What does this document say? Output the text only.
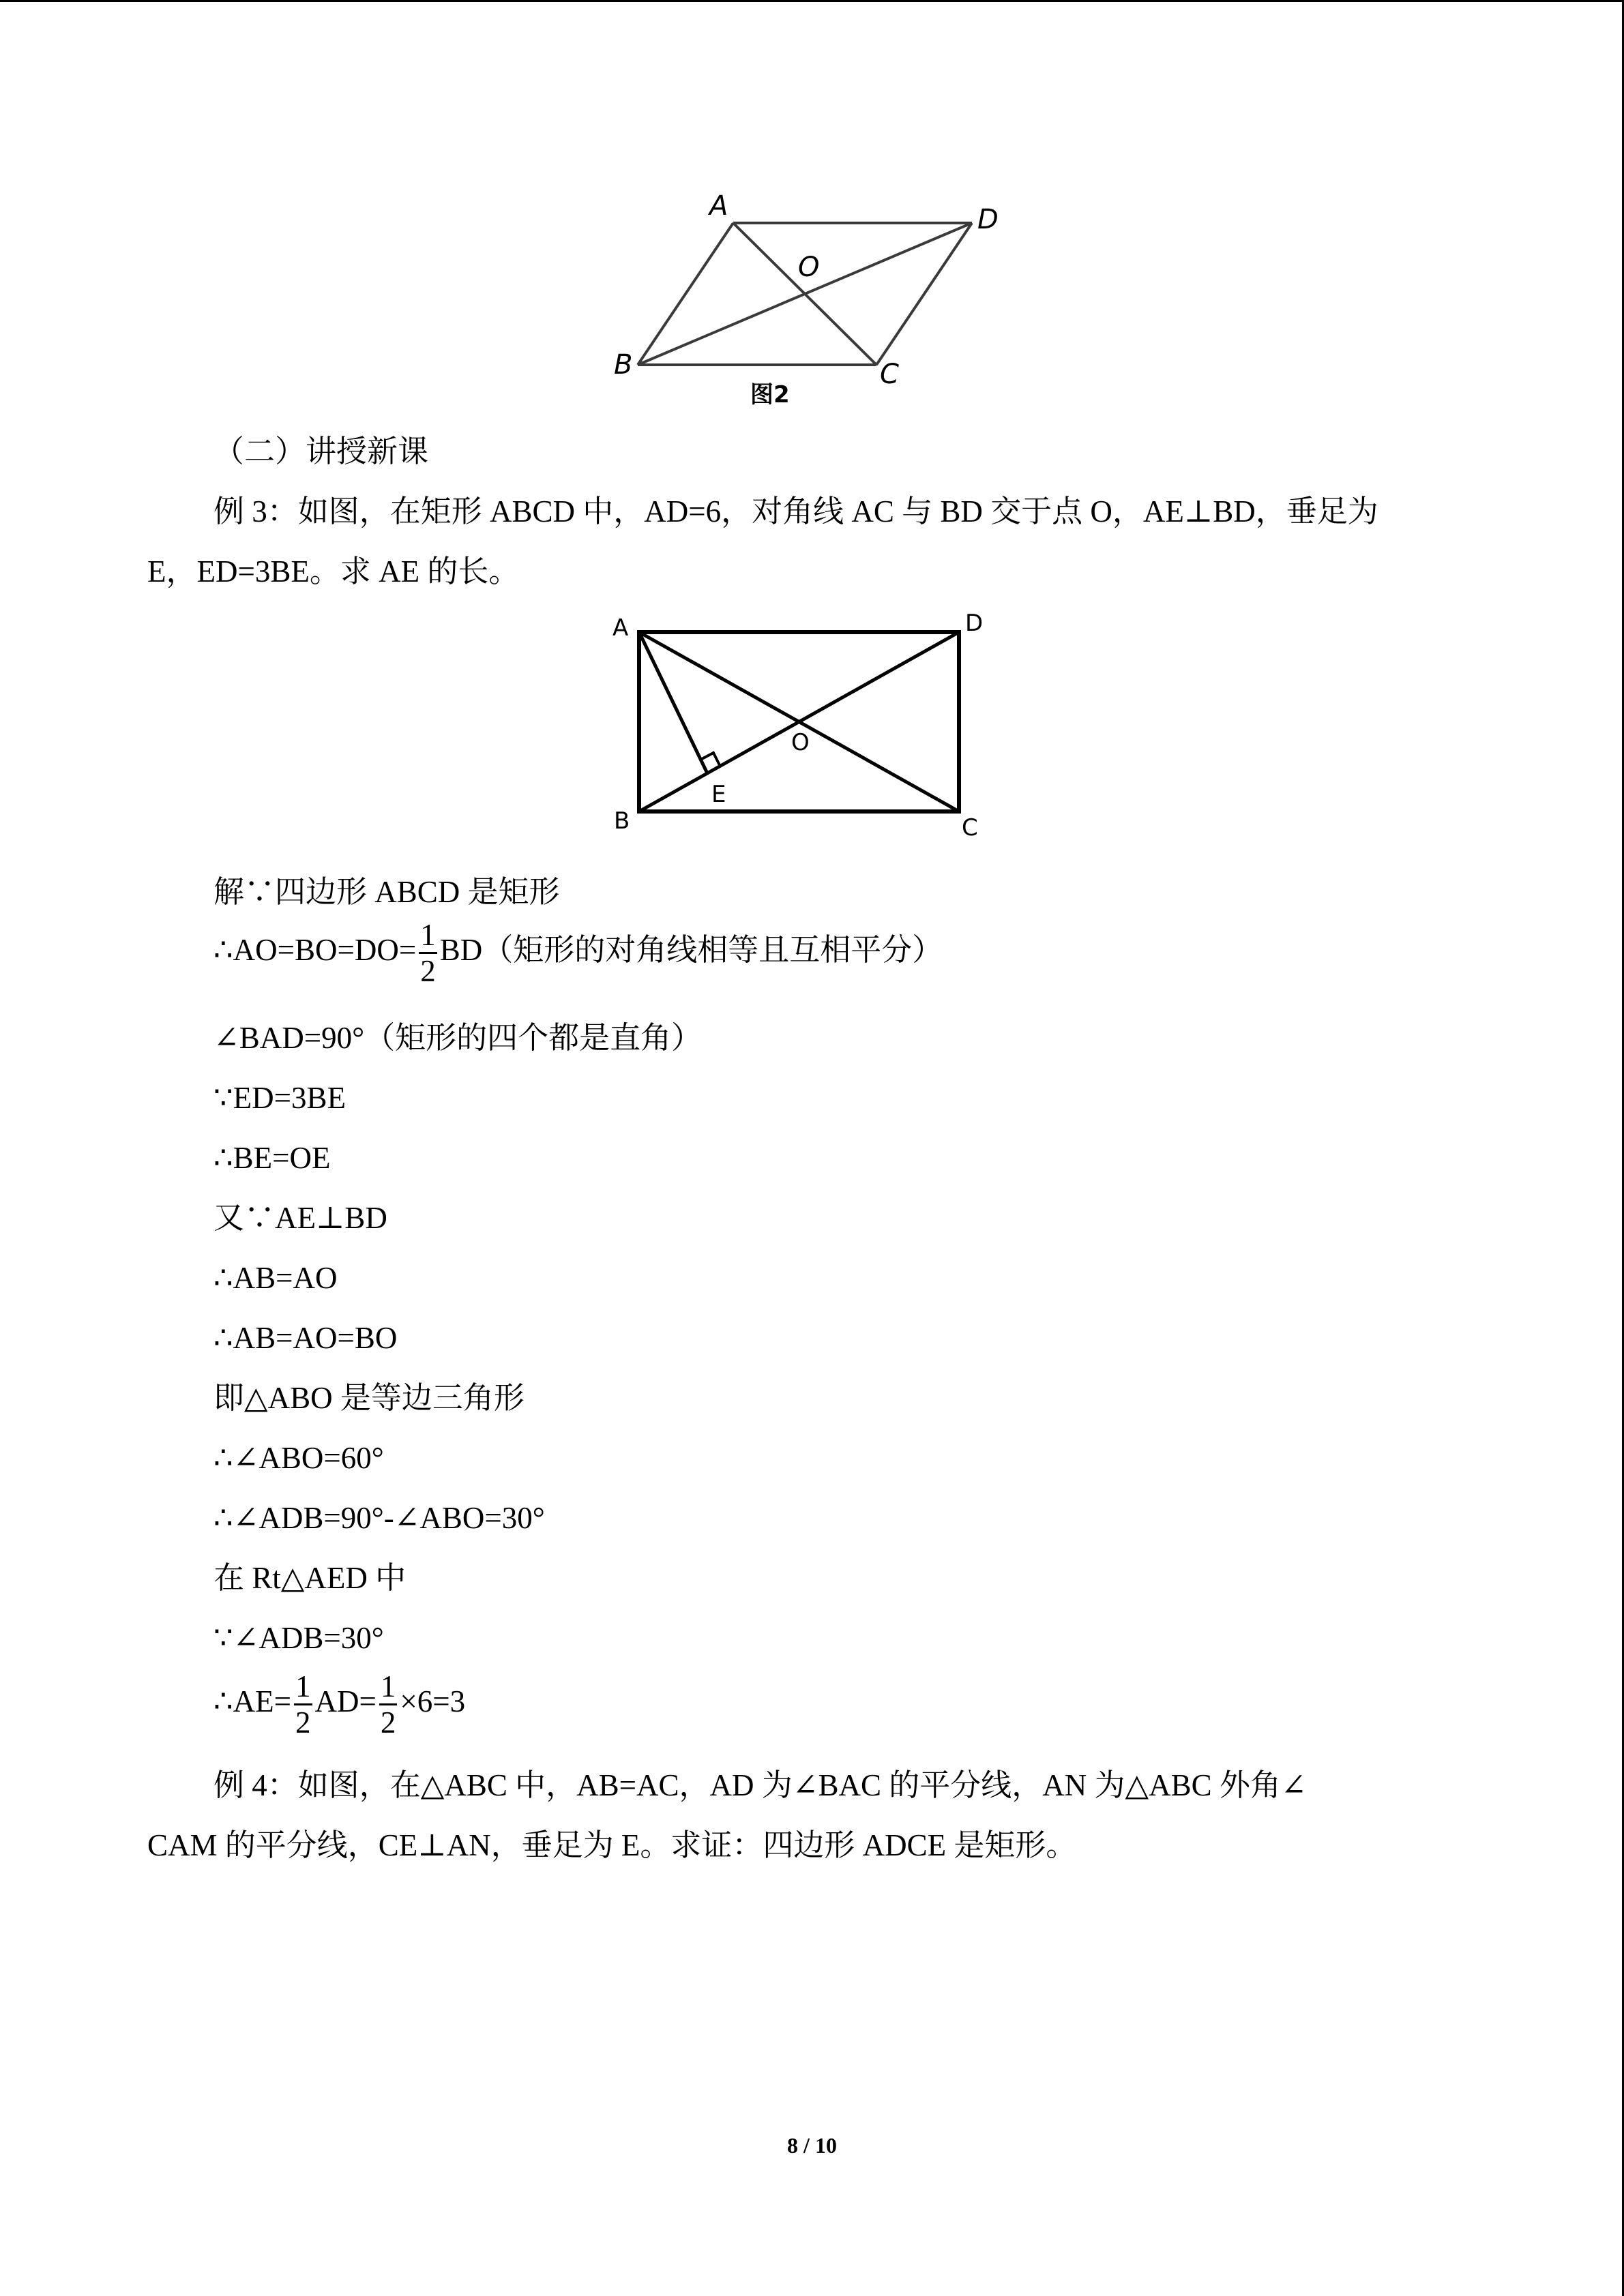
A	D
O
B	C
图2
（二）讲授新课
例 3：如图，在矩形 ABCD 中，AD=6，对角线 AC 与 BD 交于点 O，AE⊥BD，垂足为
E，ED=3BE。求 AE 的长。
A	D
O
E
B	C
解∵四边形 ABCD 是矩形
∴AO=BO=DO= $\frac{1}{2} BD$（矩形的对角线相等且互相平分）
∠BAD=90°（矩形的四个都是直角）
∵ED=3BE
∴BE=OE
又∵AE⊥BD
∴AB=AO
∴AB=AO=BO
即△ABO 是等边三角形
∴∠ABO=60°
∴∠ADB=90°-∠ABO=30°
在 Rt△AED 中
∵∠ADB=30°
∴AE= $\frac{1}{2} AD= \frac{1}{2} \times 6=3$
例 4：如图，在△ABC 中，AB=AC，AD 为∠BAC 的平分线，AN 为△ABC 外角∠
CAM 的平分线，CE⊥AN，垂足为 E。求证：四边形 ADCE 是矩形。
8 / 10
